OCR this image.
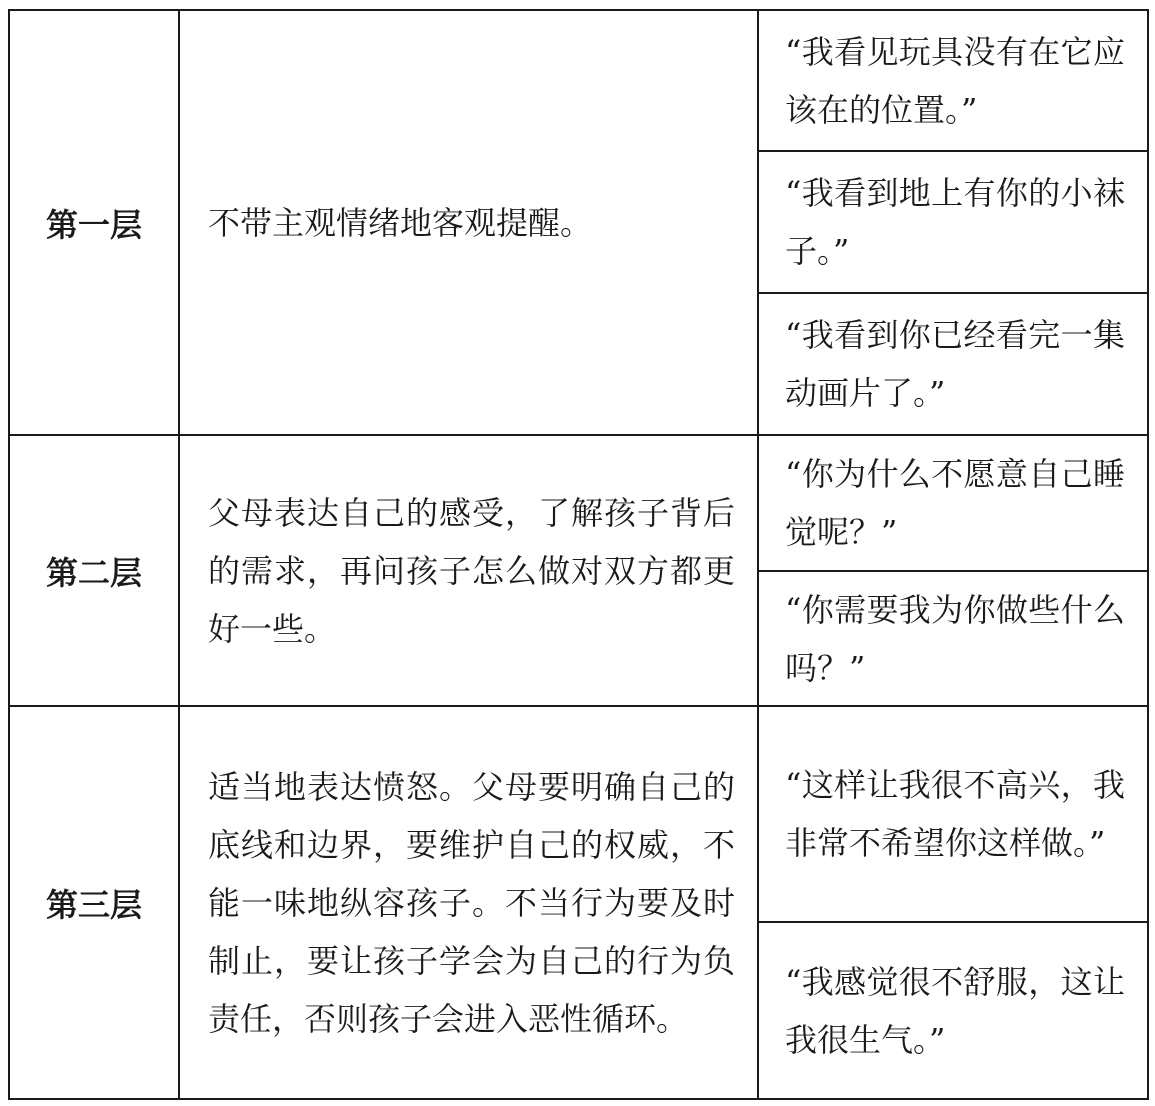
第一层	不带主观情绪地客观提醒。	“我看见玩具没有在它应该在的位置。”
		“我看到地上有你的小袜子。”
		“我看到你已经看完一集动画片了。”
第二层	父母表达自己的感受，了解孩子背后的需求，再问孩子怎么做对双方都更好一些。	“你为什么不愿意自己睡觉呢？”
		“你需要我为你做些什么吗？”
第三层	适当地表达愤怒。父母要明确自己的底线和边界，要维护自己的权威，不能一味地纵容孩子。不当行为要及时制止，要让孩子学会为自己的行为负责任，否则孩子会进入恶性循环。	“这样让我很不高兴，我非常不希望你这样做。”
		“我感觉很不舒服，这让我很生气。”
